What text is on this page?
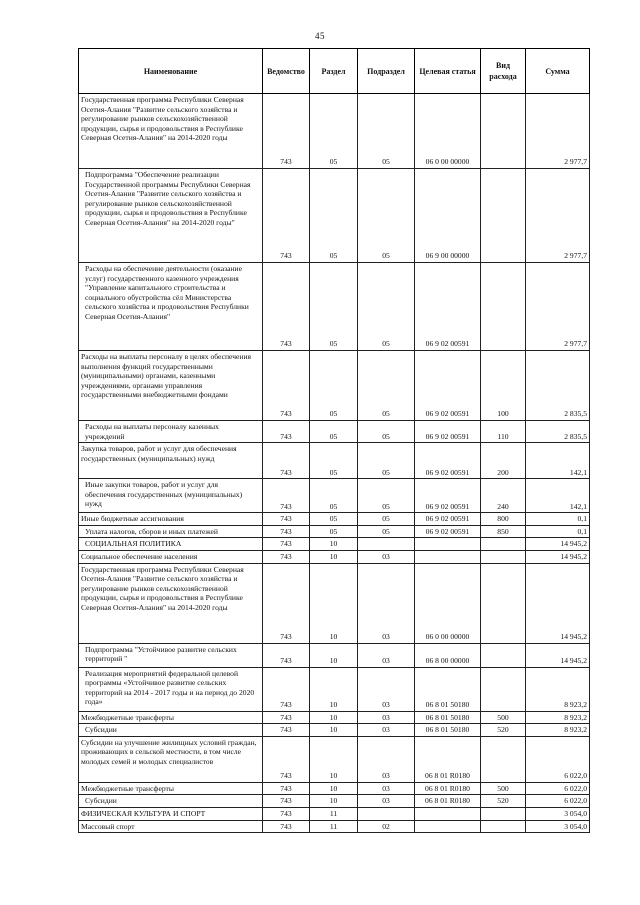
45
Наименование	Ведомство	Раздел	Подраздел	Целевая статья	Вид расхода	Сумма
Государственная программа Республики Северная Осетия-Алания "Развитие сельского хозяйства и регулирование рынков сельскохозяйственной продукции, сырья и продовольствия в Республике Северная Осетия-Алания" на 2014-2020 годы	743	05	05	06 0 00 00000		2 977,7
Подпрограмма "Обеспечение реализации Государственной программы Республики Северная Осетия-Алания "Развитие сельского хозяйства и регулирование рынков сельскохозяйственной продукции, сырья и продовольствия в Республике Северная Осетия-Алания" на 2014-2020 годы"	743	05	05	06 9 00 00000		2 977,7
Расходы на обеспечение деятельности (оказание услуг) государственного казенного учреждения "Управление капитального строительства и социального обустройства сёл Министерства сельского хозяйства и продовольствия Республики Северная Осетия-Алания"	743	05	05	06 9 02 00591		2 977,7
Расходы на выплаты персоналу в целях обеспечения выполнения функций государственными (муниципальными) органами, казенными учреждениями, органами управления государственными внебюджетными фондами	743	05	05	06 9 02 00591	100	2 835,5
Расходы на выплаты персоналу казенных учреждений	743	05	05	06 9 02 00591	110	2 835,5
Закупка товаров, работ и услуг для обеспечения государственных (муниципальных) нужд	743	05	05	06 9 02 00591	200	142,1
Иные закупки товаров, работ и услуг для обеспечения государственных (муниципальных) нужд	743	05	05	06 9 02 00591	240	142,1
Иные бюджетные ассигнования	743	05	05	06 9 02 00591	800	0,1
Уплата налогов, сборов и иных платежей	743	05	05	06 9 02 00591	850	0,1
СОЦИАЛЬНАЯ ПОЛИТИКА	743	10				14 945,2
Социальное обеспечение населения	743	10	03			14 945,2
Государственная программа Республики Северная Осетия-Алания "Развитие сельского хозяйства и регулирование рынков сельскохозяйственной продукции, сырья и продовольствия в Республике Северная Осетия-Алания" на 2014-2020 годы	743	10	03	06 0 00 00000		14 945,2
Подпрограмма "Устойчивое развитие сельских территорий "	743	10	03	06 8 00 00000		14 945,2
Реализация мероприятий федеральной целевой программы «Устойчивое развитие сельских территорий на 2014 - 2017 годы и на период до 2020 года»	743	10	03	06 8 01 50180		8 923,2
Межбюджетные трансферты	743	10	03	06 8 01 50180	500	8 923,2
Субсидии	743	10	03	06 8 01 50180	520	8 923,2
Субсидии на улучшение жилищных условий граждан, проживающих в сельской местности, в том числе молодых семей и молодых специалистов	743	10	03	06 8 01 R0180		6 022,0
Межбюджетные трансферты	743	10	03	06 8 01 R0180	500	6 022,0
Субсидии	743	10	03	06 8 01 R0180	520	6 022,0
ФИЗИЧЕСКАЯ КУЛЬТУРА И СПОРТ	743	11				3 054,0
Массовый спорт	743	11	02			3 054,0
